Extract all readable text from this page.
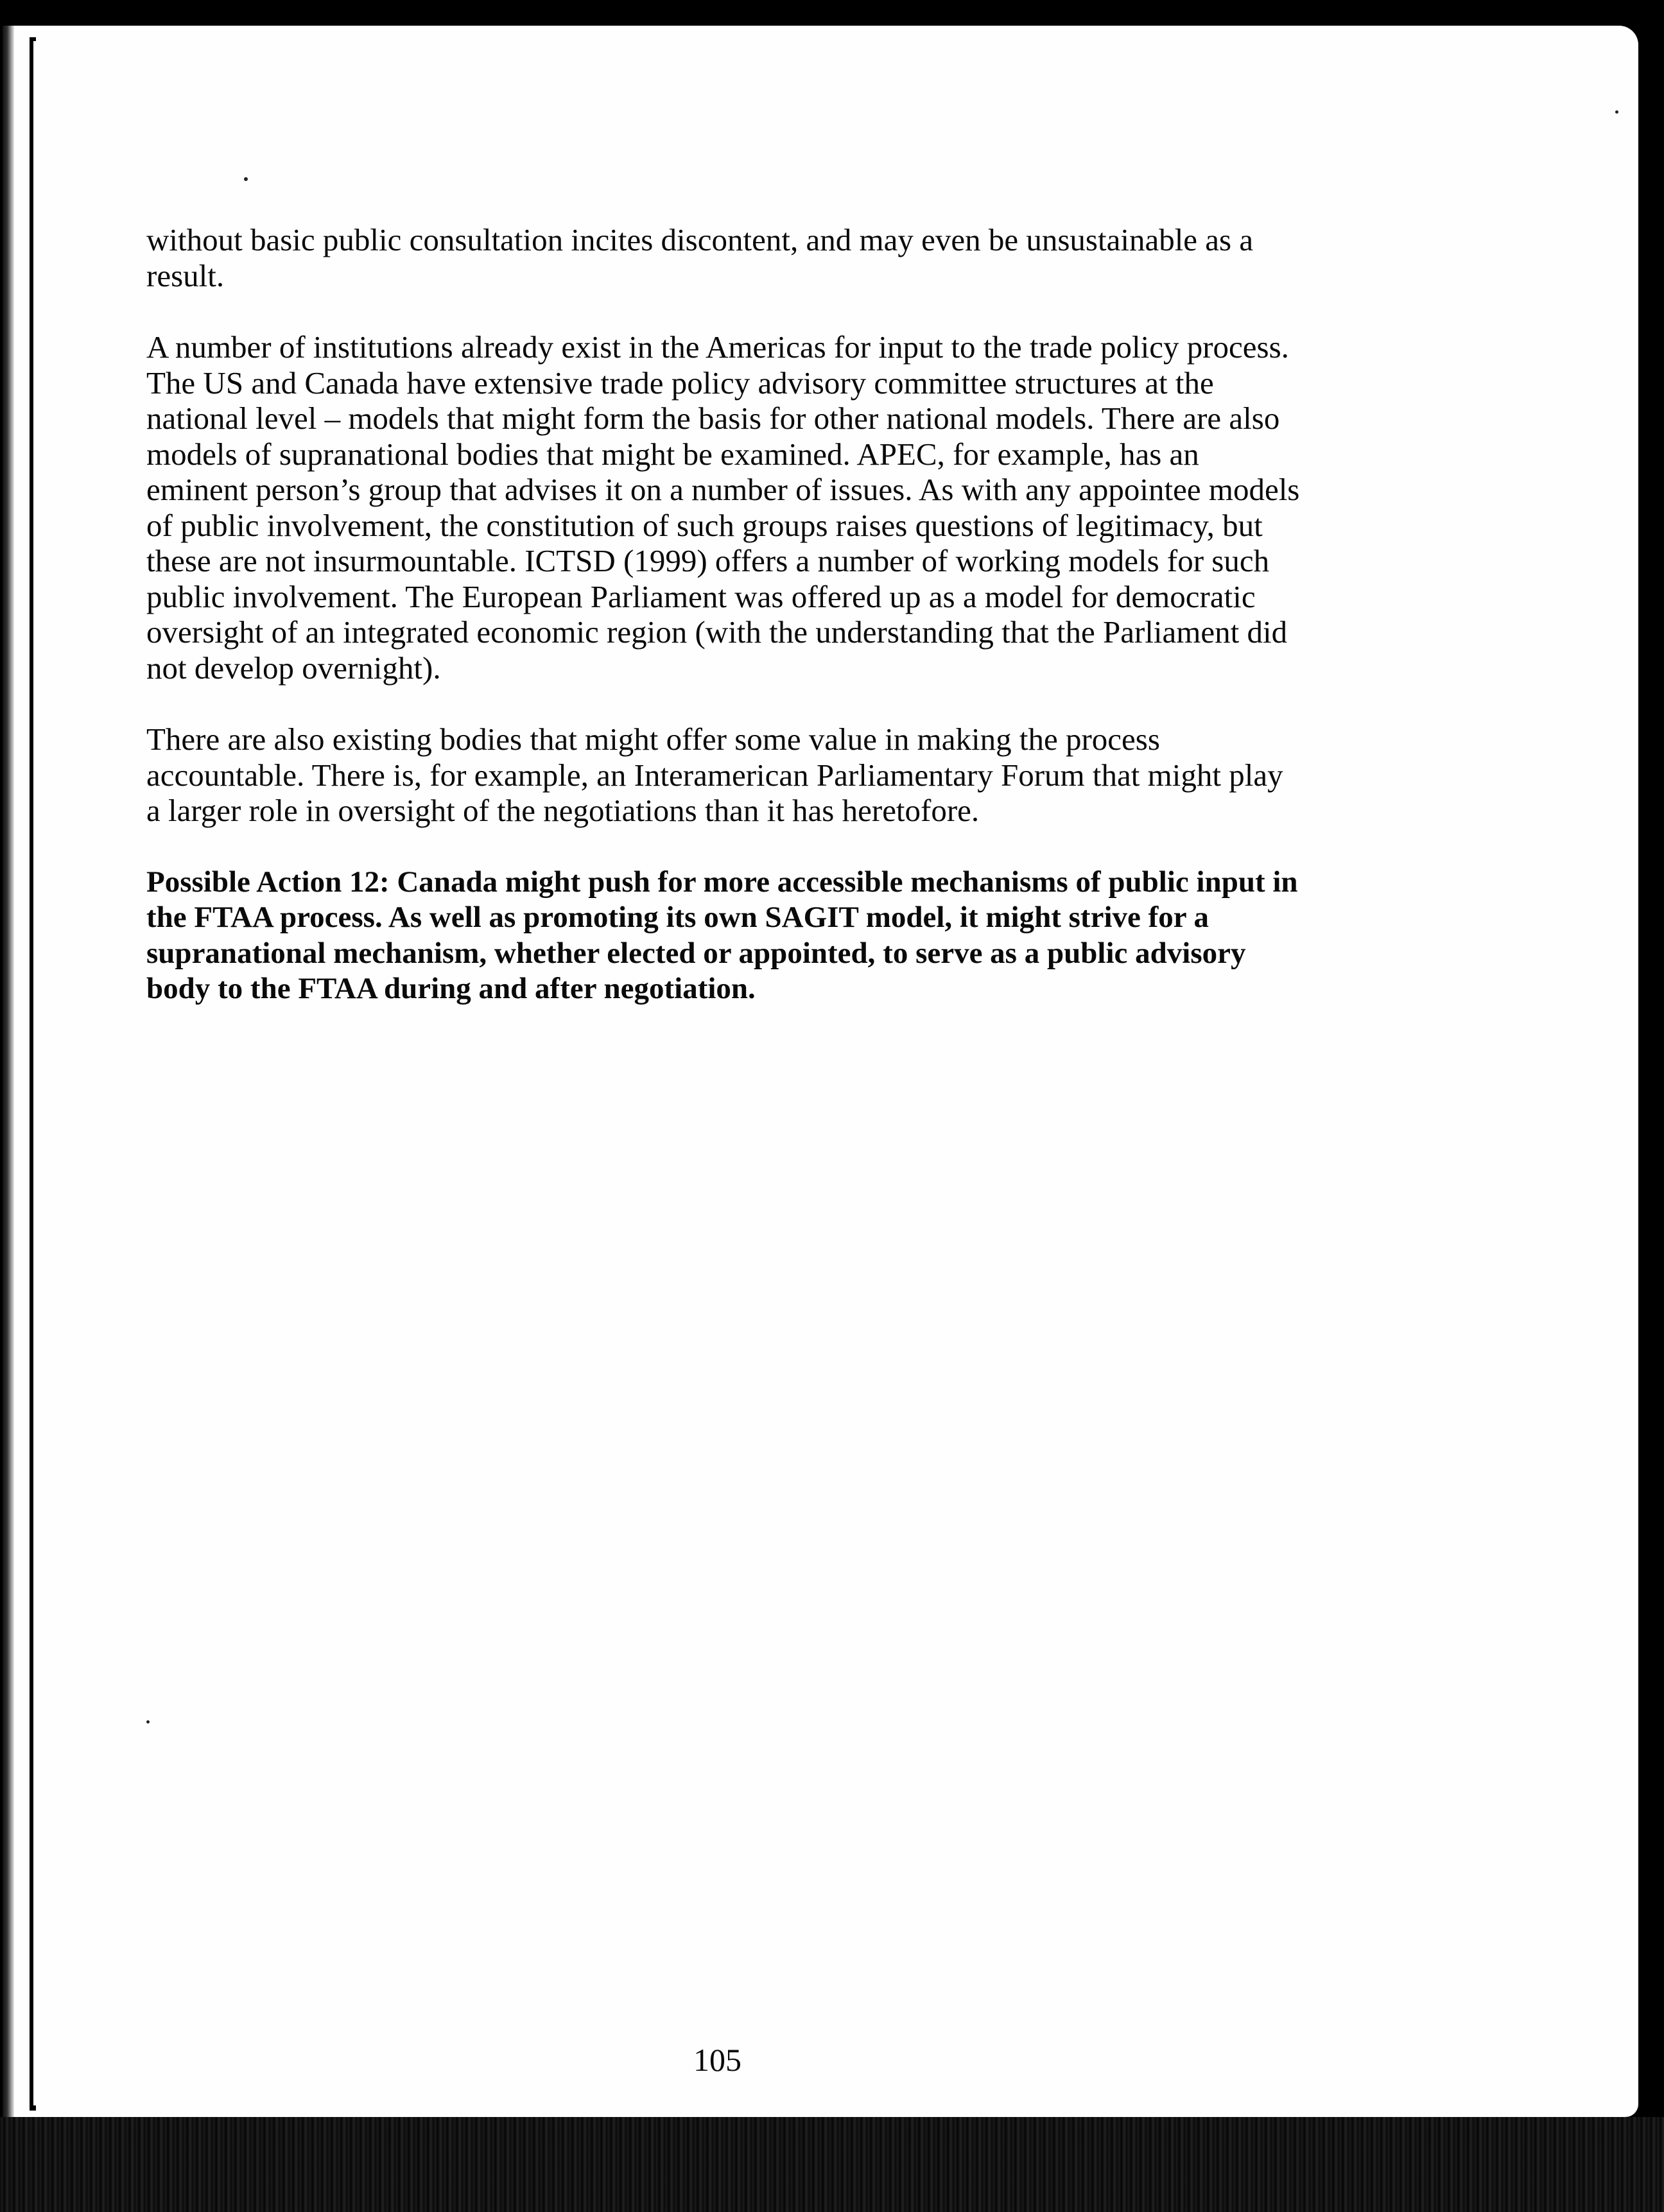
without basic public consultation incites discontent, and may even be unsustainable as a result.

A number of institutions already exist in the Americas for input to the trade policy process. The US and Canada have extensive trade policy advisory committee structures at the national level – models that might form the basis for other national models. There are also models of supranational bodies that might be examined. APEC, for example, has an eminent person’s group that advises it on a number of issues. As with any appointee models of public involvement, the constitution of such groups raises questions of legitimacy, but these are not insurmountable. ICTSD (1999) offers a number of working models for such public involvement. The European Parliament was offered up as a model for democratic oversight of an integrated economic region (with the understanding that the Parliament did not develop overnight).

There are also existing bodies that might offer some value in making the process accountable. There is, for example, an Interamerican Parliamentary Forum that might play a larger role in oversight of the negotiations than it has heretofore.

Possible Action 12: Canada might push for more accessible mechanisms of public input in the FTAA process. As well as promoting its own SAGIT model, it might strive for a supranational mechanism, whether elected or appointed, to serve as a public advisory body to the FTAA during and after negotiation.

105
